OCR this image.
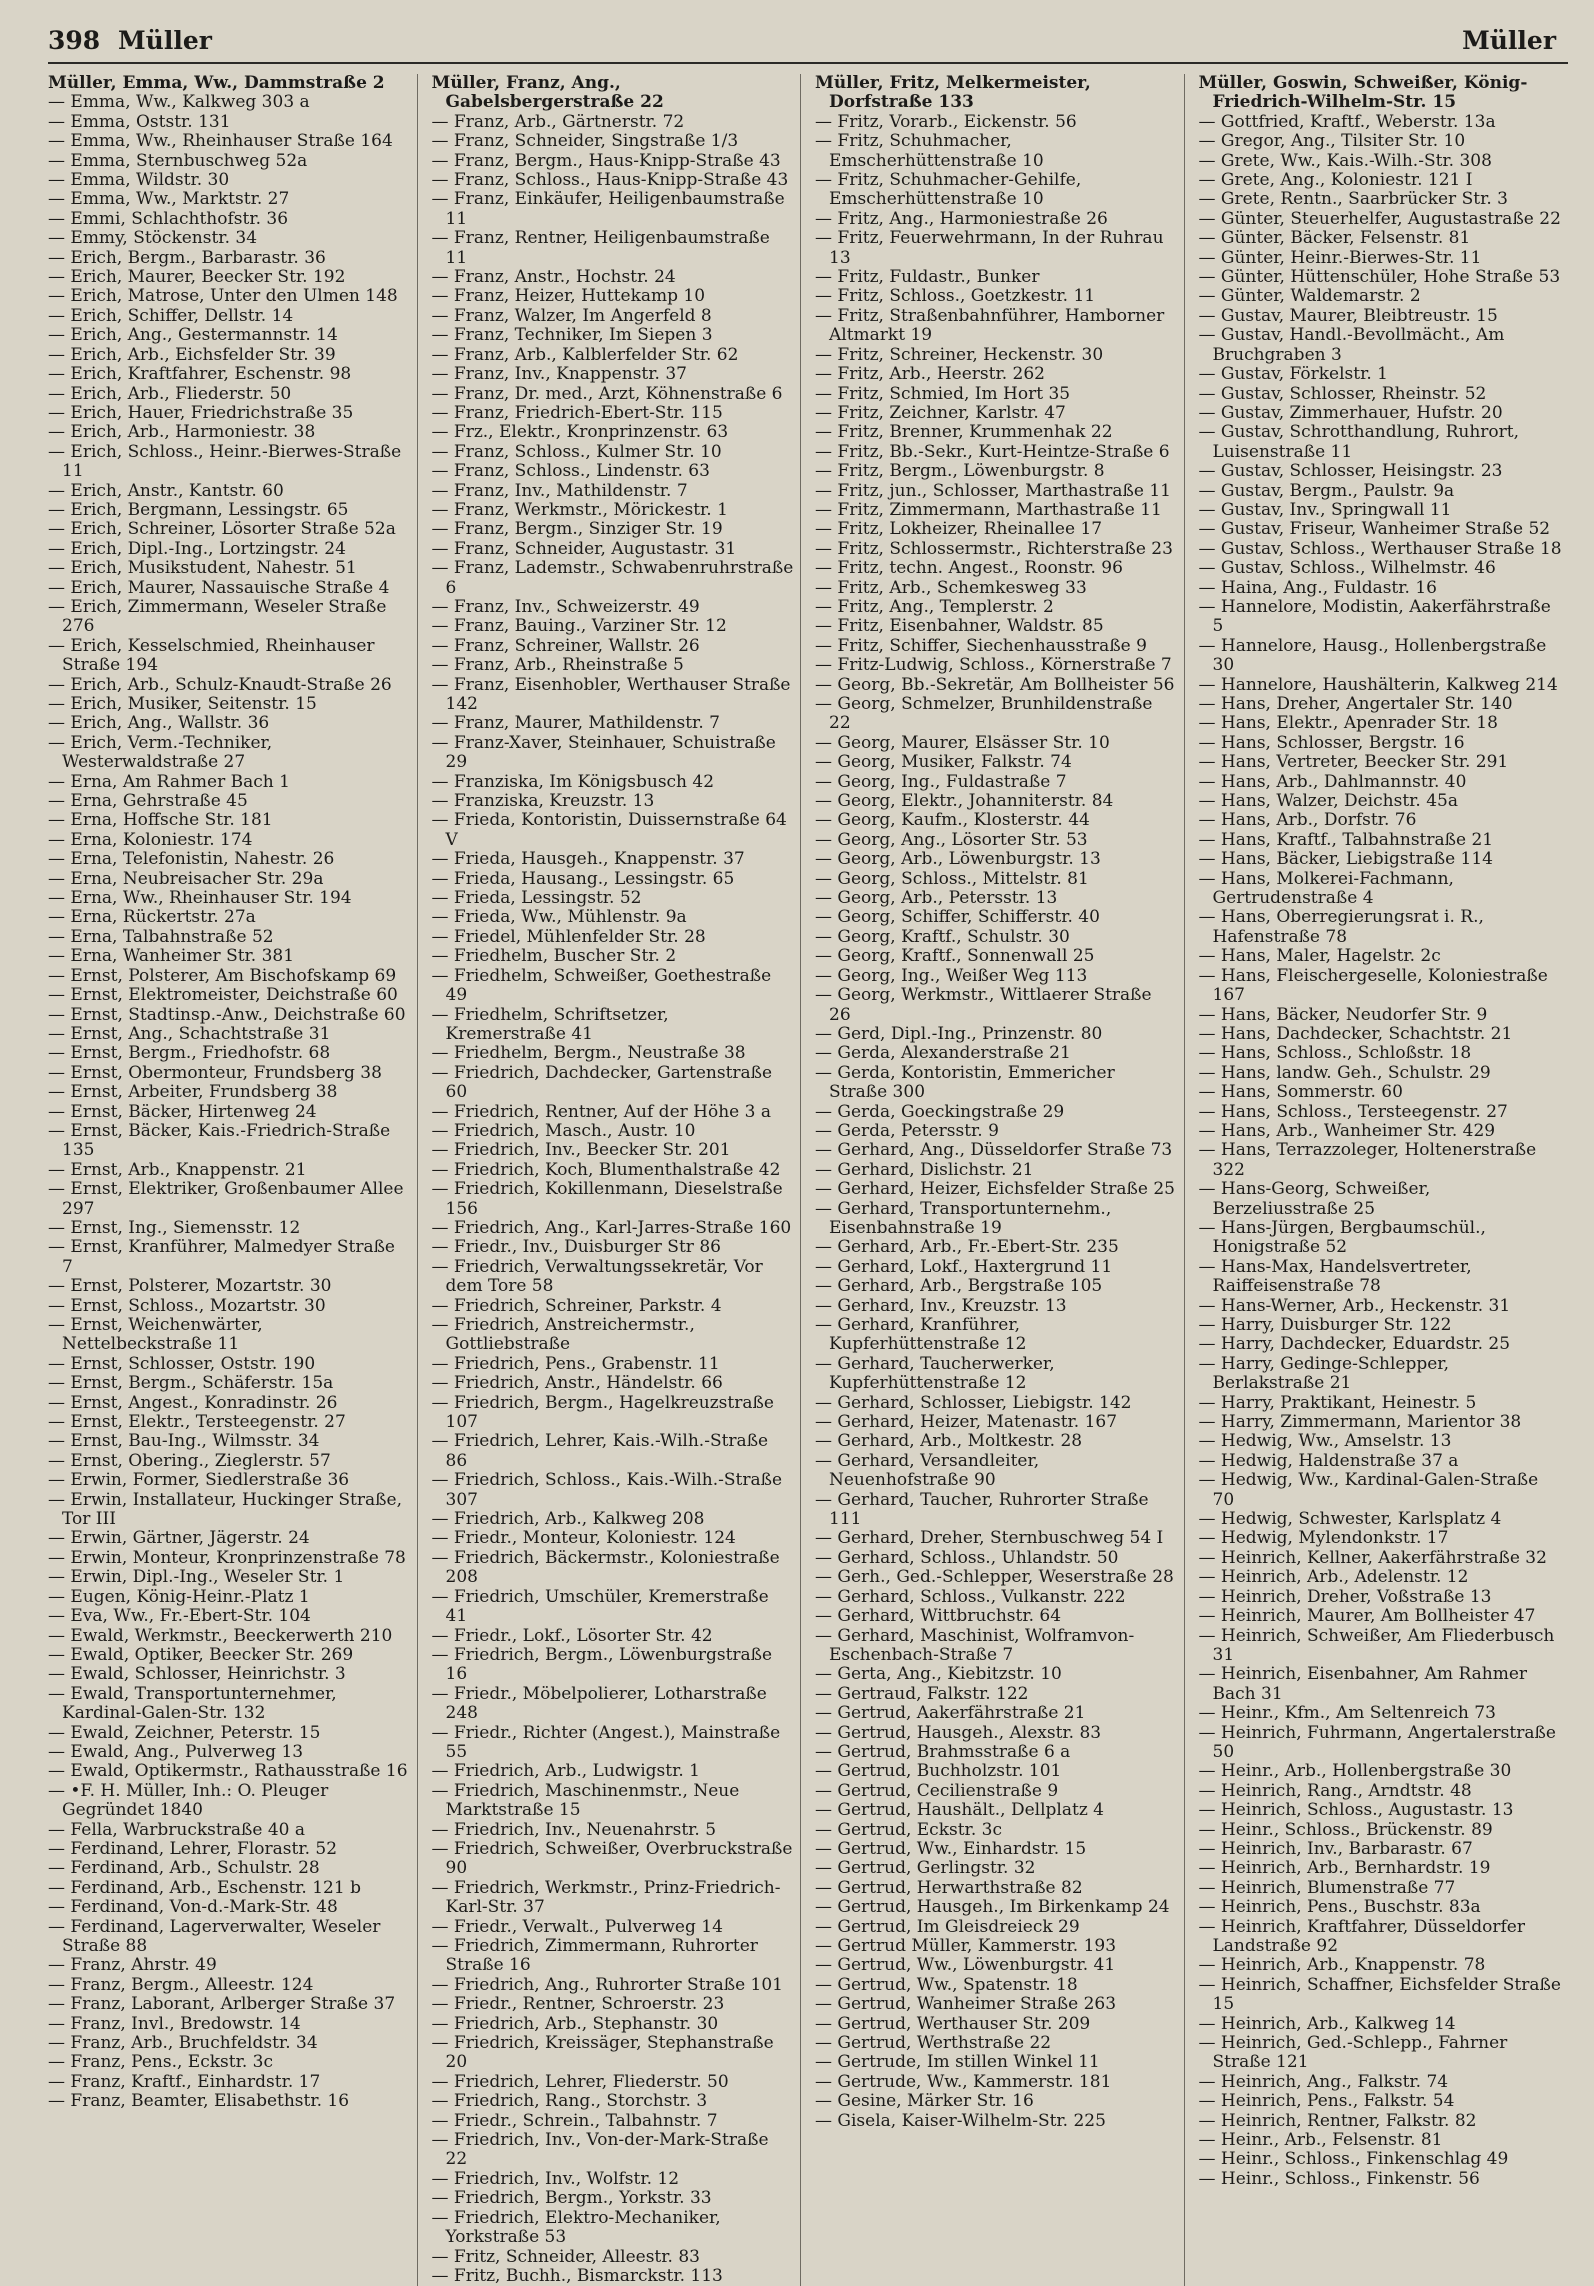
398 Müller	Müller
Müller, Emma, Ww., Dammstraße 2
— Emma, Ww., Kalkweg 303 a
— Emma, Oststr. 131
— Emma, Ww., Rheinhauser Straße 164
— Emma, Sternbuschweg 52a
— Emma, Wildstr. 30
— Emma, Ww., Marktstr. 27
— Emmi, Schlachthofstr. 36
— Emmy, Stöckenstr. 34
— Erich, Bergm., Barbarastr. 36
— Erich, Maurer, Beecker Str. 192
— Erich, Matrose, Unter den Ulmen 148
— Erich, Schiffer, Dellstr. 14
— Erich, Ang., Gestermannstr. 14
— Erich, Arb., Eichsfelder Str. 39
— Erich, Kraftfahrer, Eschenstr. 98
— Erich, Arb., Fliederstr. 50
— Erich, Hauer, Friedrichstraße 35
— Erich, Arb., Harmoniestr. 38
— Erich, Schloss., Heinr.-Bierwes-Straße 11
— Erich, Anstr., Kantstr. 60
— Erich, Bergmann, Lessingstr. 65
— Erich, Schreiner, Lösorter Straße 52a
— Erich, Dipl.-Ing., Lortzingstr. 24
— Erich, Musikstudent, Nahestr. 51
— Erich, Maurer, Nassauische Straße 4
— Erich, Zimmermann, Weseler Straße 276
— Erich, Kesselschmied, Rheinhauser Straße 194
— Erich, Arb., Schulz-Knaudt-Straße 26
— Erich, Musiker, Seitenstr. 15
— Erich, Ang., Wallstr. 36
— Erich, Verm.-Techniker, Westerwaldstraße 27
— Erna, Am Rahmer Bach 1
— Erna, Gehrstraße 45
— Erna, Hoffsche Str. 181
— Erna, Koloniestr. 174
— Erna, Telefonistin, Nahestr. 26
— Erna, Neubreisacher Str. 29a
— Erna, Ww., Rheinhauser Str. 194
— Erna, Rückertstr. 27a
— Erna, Talbahnstraße 52
— Erna, Wanheimer Str. 381
— Ernst, Polsterer, Am Bischofskamp 69
— Ernst, Elektromeister, Deichstraße 60
— Ernst, Stadtinsp.-Anw., Deichstraße 60
— Ernst, Ang., Schachtstraße 31
— Ernst, Bergm., Friedhofstr. 68
— Ernst, Obermonteur, Frundsberg 38
— Ernst, Arbeiter, Frundsberg 38
— Ernst, Bäcker, Hirtenweg 24
— Ernst, Bäcker, Kais.-Friedrich-Straße 135
— Ernst, Arb., Knappenstr. 21
— Ernst, Elektriker, Großenbaumer Allee 297
— Ernst, Ing., Siemensstr. 12
— Ernst, Kranführer, Malmedyer Straße 7
— Ernst, Polsterer, Mozartstr. 30
— Ernst, Schloss., Mozartstr. 30
— Ernst, Weichenwärter, Nettelbeckstraße 11
— Ernst, Schlosser, Oststr. 190
— Ernst, Bergm., Schäferstr. 15a
— Ernst, Angest., Konradinstr. 26
— Ernst, Elektr., Tersteegenstr. 27
— Ernst, Bau-Ing., Wilmsstr. 34
— Ernst, Obering., Zieglerstr. 57
— Erwin, Former, Siedlerstraße 36
— Erwin, Installateur, Huckinger Straße, Tor III
— Erwin, Gärtner, Jägerstr. 24
— Erwin, Monteur, Kronprinzenstraße 78
— Erwin, Dipl.-Ing., Weseler Str. 1
— Eugen, König-Heinr.-Platz 1
— Eva, Ww., Fr.-Ebert-Str. 104
— Ewald, Werkmstr., Beeckerwerth 210
— Ewald, Optiker, Beecker Str. 269
— Ewald, Schlosser, Heinrichstr. 3
— Ewald, Transportunternehmer, Kardinal-Galen-Str. 132
— Ewald, Zeichner, Peterstr. 15
— Ewald, Ang., Pulverweg 13
— Ewald, Optikermstr., Rathausstraße 16
— •F. H. Müller, Inh.: O. Pleuger Gegründet 1840
— Fella, Warbruckstraße 40 a
— Ferdinand, Lehrer, Florastr. 52
— Ferdinand, Arb., Schulstr. 28
— Ferdinand, Arb., Eschenstr. 121 b
— Ferdinand, Von-d.-Mark-Str. 48
— Ferdinand, Lagerverwalter, Weseler Straße 88
— Franz, Ahrstr. 49
— Franz, Bergm., Alleestr. 124
— Franz, Laborant, Arlberger Straße 37
— Franz, Invl., Bredowstr. 14
— Franz, Arb., Bruchfeldstr. 34
— Franz, Pens., Eckstr. 3c
— Franz, Kraftf., Einhardstr. 17
— Franz, Beamter, Elisabethstr. 16
Müller, Franz, Ang., Gabelsbergerstraße 22
— Franz, Arb., Gärtnerstr. 72
— Franz, Schneider, Singstraße 1/3
— Franz, Bergm., Haus-Knipp-Straße 43
— Franz, Schloss., Haus-Knipp-Straße 43
— Franz, Einkäufer, Heiligenbaumstraße 11
— Franz, Rentner, Heiligenbaumstraße 11
— Franz, Anstr., Hochstr. 24
— Franz, Heizer, Huttekamp 10
— Franz, Walzer, Im Angerfeld 8
— Franz, Techniker, Im Siepen 3
— Franz, Arb., Kalblerfelder Str. 62
— Franz, Inv., Knappenstr. 37
— Franz, Dr. med., Arzt, Köhnenstraße 6
— Franz, Friedrich-Ebert-Str. 115
— Frz., Elektr., Kronprinzenstr. 63
— Franz, Schloss., Kulmer Str. 10
— Franz, Schloss., Lindenstr. 63
— Franz, Inv., Mathildenstr. 7
— Franz, Werkmstr., Mörickestr. 1
— Franz, Bergm., Sinziger Str. 19
— Franz, Schneider, Augustastr. 31
— Franz, Lademstr., Schwabenruhrstraße 6
— Franz, Inv., Schweizerstr. 49
— Franz, Bauing., Varziner Str. 12
— Franz, Schreiner, Wallstr. 26
— Franz, Arb., Rheinstraße 5
— Franz, Eisenhobler, Werthauser Straße 142
— Franz, Maurer, Mathildenstr. 7
— Franz-Xaver, Steinhauer, Schuistraße 29
— Franziska, Im Königsbusch 42
— Franziska, Kreuzstr. 13
— Frieda, Kontoristin, Duissernstraße 64 V
— Frieda, Hausgeh., Knappenstr. 37
— Frieda, Hausang., Lessingstr. 65
— Frieda, Lessingstr. 52
— Frieda, Ww., Mühlenstr. 9a
— Friedel, Mühlenfelder Str. 28
— Friedhelm, Buscher Str. 2
— Friedhelm, Schweißer, Goethestraße 49
— Friedhelm, Schriftsetzer, Kremerstraße 41
— Friedhelm, Bergm., Neustraße 38
— Friedrich, Dachdecker, Gartenstraße 60
— Friedrich, Rentner, Auf der Höhe 3 a
— Friedrich, Masch., Austr. 10
— Friedrich, Inv., Beecker Str. 201
— Friedrich, Koch, Blumenthalstraße 42
— Friedrich, Kokillenmann, Dieselstraße 156
— Friedrich, Ang., Karl-Jarres-Straße 160
— Friedr., Inv., Duisburger Str 86
— Friedrich, Verwaltungssekretär, Vor dem Tore 58
— Friedrich, Schreiner, Parkstr. 4
— Friedrich, Anstreichermstr., Gottliebstraße
— Friedrich, Pens., Grabenstr. 11
— Friedrich, Anstr., Händelstr. 66
— Friedrich, Bergm., Hagelkreuzstraße 107
— Friedrich, Lehrer, Kais.-Wilh.-Straße 86
— Friedrich, Schloss., Kais.-Wilh.-Straße 307
— Friedrich, Arb., Kalkweg 208
— Friedr., Monteur, Koloniestr. 124
— Friedrich, Bäckermstr., Koloniestraße 208
— Friedrich, Umschüler, Kremerstraße 41
— Friedr., Lokf., Lösorter Str. 42
— Friedrich, Bergm., Löwenburgstraße 16
— Friedr., Möbelpolierer, Lotharstraße 248
— Friedr., Richter (Angest.), Mainstraße 55
— Friedrich, Arb., Ludwigstr. 1
— Friedrich, Maschinenmstr., Neue Marktstraße 15
— Friedrich, Inv., Neuenahrstr. 5
— Friedrich, Schweißer, Overbruckstraße 90
— Friedrich, Werkmstr., Prinz-Friedrich-Karl-Str. 37
— Friedr., Verwalt., Pulverweg 14
— Friedrich, Zimmermann, Ruhrorter Straße 16
— Friedrich, Ang., Ruhrorter Straße 101
— Friedr., Rentner, Schroerstr. 23
— Friedrich, Arb., Stephanstr. 30
— Friedrich, Kreissäger, Stephanstraße 20
— Friedrich, Lehrer, Fliederstr. 50
— Friedrich, Rang., Storchstr. 3
— Friedr., Schrein., Talbahnstr. 7
— Friedrich, Inv., Von-der-Mark-Straße 22
— Friedrich, Inv., Wolfstr. 12
— Friedrich, Bergm., Yorkstr. 33
— Friedrich, Elektro-Mechaniker, Yorkstraße 53
— Fritz, Schneider, Alleestr. 83
— Fritz, Buchh., Bismarckstr. 113
Müller, Fritz, Melkermeister, Dorfstraße 133
— Fritz, Vorarb., Eickenstr. 56
— Fritz, Schuhmacher, Emscherhüttenstraße 10
— Fritz, Schuhmacher-Gehilfe, Emscherhüttenstraße 10
— Fritz, Ang., Harmoniestraße 26
— Fritz, Feuerwehrmann, In der Ruhrau 13
— Fritz, Fuldastr., Bunker
— Fritz, Schloss., Goetzkestr. 11
— Fritz, Straßenbahnführer, Hamborner Altmarkt 19
— Fritz, Schreiner, Heckenstr. 30
— Fritz, Arb., Heerstr. 262
— Fritz, Schmied, Im Hort 35
— Fritz, Zeichner, Karlstr. 47
— Fritz, Brenner, Krummenhak 22
— Fritz, Bb.-Sekr., Kurt-Heintze-Straße 6
— Fritz, Bergm., Löwenburgstr. 8
— Fritz, jun., Schlosser, Marthastraße 11
— Fritz, Zimmermann, Marthastraße 11
— Fritz, Lokheizer, Rheinallee 17
— Fritz, Schlossermstr., Richterstraße 23
— Fritz, techn. Angest., Roonstr. 96
— Fritz, Arb., Schemkesweg 33
— Fritz, Ang., Templerstr. 2
— Fritz, Eisenbahner, Waldstr. 85
— Fritz, Schiffer, Siechenhausstraße 9
— Fritz-Ludwig, Schloss., Körnerstraße 7
— Georg, Bb.-Sekretär, Am Bollheister 56
— Georg, Schmelzer, Brunhildenstraße 22
— Georg, Maurer, Elsässer Str. 10
— Georg, Musiker, Falkstr. 74
— Georg, Ing., Fuldastraße 7
— Georg, Elektr., Johanniterstr. 84
— Georg, Kaufm., Klosterstr. 44
— Georg, Ang., Lösorter Str. 53
— Georg, Arb., Löwenburgstr. 13
— Georg, Schloss., Mittelstr. 81
— Georg, Arb., Petersstr. 13
— Georg, Schiffer, Schifferstr. 40
— Georg, Kraftf., Schulstr. 30
— Georg, Kraftf., Sonnenwall 25
— Georg, Ing., Weißer Weg 113
— Georg, Werkmstr., Wittlaerer Straße 26
— Gerd, Dipl.-Ing., Prinzenstr. 80
— Gerda, Alexanderstraße 21
— Gerda, Kontoristin, Emmericher Straße 300
— Gerda, Goeckingstraße 29
— Gerda, Petersstr. 9
— Gerhard, Ang., Düsseldorfer Straße 73
— Gerhard, Dislichstr. 21
— Gerhard, Heizer, Eichsfelder Straße 25
— Gerhard, Transportunternehm., Eisenbahnstraße 19
— Gerhard, Arb., Fr.-Ebert-Str. 235
— Gerhard, Lokf., Haxtergrund 11
— Gerhard, Arb., Bergstraße 105
— Gerhard, Inv., Kreuzstr. 13
— Gerhard, Kranführer, Kupferhüttenstraße 12
— Gerhard, Taucherwerker, Kupferhüttenstraße 12
— Gerhard, Schlosser, Liebigstr. 142
— Gerhard, Heizer, Matenastr. 167
— Gerhard, Arb., Moltkestr. 28
— Gerhard, Versandleiter, Neuenhofstraße 90
— Gerhard, Taucher, Ruhrorter Straße 111
— Gerhard, Dreher, Sternbuschweg 54 I
— Gerhard, Schloss., Uhlandstr. 50
— Gerh., Ged.-Schlepper, Weserstraße 28
— Gerhard, Schloss., Vulkanstr. 222
— Gerhard, Wittbruchstr. 64
— Gerhard, Maschinist, Wolframvon-Eschenbach-Straße 7
— Gerta, Ang., Kiebitzstr. 10
— Gertraud, Falkstr. 122
— Gertrud, Aakerfährstraße 21
— Gertrud, Hausgeh., Alexstr. 83
— Gertrud, Brahmsstraße 6 a
— Gertrud, Buchholzstr. 101
— Gertrud, Cecilienstraße 9
— Gertrud, Haushält., Dellplatz 4
— Gertrud, Eckstr. 3c
— Gertrud, Ww., Einhardstr. 15
— Gertrud, Gerlingstr. 32
— Gertrud, Herwarthstraße 82
— Gertrud, Hausgeh., Im Birkenkamp 24
— Gertrud, Im Gleisdreieck 29
— Gertrud Müller, Kammerstr. 193
— Gertrud, Ww., Löwenburgstr. 41
— Gertrud, Ww., Spatenstr. 18
— Gertrud, Wanheimer Straße 263
— Gertrud, Werthauser Str. 209
— Gertrud, Werthstraße 22
— Gertrude, Im stillen Winkel 11
— Gertrude, Ww., Kammerstr. 181
— Gesine, Märker Str. 16
— Gisela, Kaiser-Wilhelm-Str. 225
Müller, Goswin, Schweißer, König-Friedrich-Wilhelm-Str. 15
— Gottfried, Kraftf., Weberstr. 13a
— Gregor, Ang., Tilsiter Str. 10
— Grete, Ww., Kais.-Wilh.-Str. 308
— Grete, Ang., Koloniestr. 121 I
— Grete, Rentn., Saarbrücker Str. 3
— Günter, Steuerhelfer, Augustastraße 22
— Günter, Bäcker, Felsenstr. 81
— Günter, Heinr.-Bierwes-Str. 11
— Günter, Hüttenschüler, Hohe Straße 53
— Günter, Waldemarstr. 2
— Gustav, Maurer, Bleibtreustr. 15
— Gustav, Handl.-Bevollmächt., Am Bruchgraben 3
— Gustav, Förkelstr. 1
— Gustav, Schlosser, Rheinstr. 52
— Gustav, Zimmerhauer, Hufstr. 20
— Gustav, Schrotthandlung, Ruhrort, Luisenstraße 11
— Gustav, Schlosser, Heisingstr. 23
— Gustav, Bergm., Paulstr. 9a
— Gustav, Inv., Springwall 11
— Gustav, Friseur, Wanheimer Straße 52
— Gustav, Schloss., Werthauser Straße 18
— Gustav, Schloss., Wilhelmstr. 46
— Haina, Ang., Fuldastr. 16
— Hannelore, Modistin, Aakerfährstraße 5
— Hannelore, Hausg., Hollenbergstraße 30
— Hannelore, Haushälterin, Kalkweg 214
— Hans, Dreher, Angertaler Str. 140
— Hans, Elektr., Apenrader Str. 18
— Hans, Schlosser, Bergstr. 16
— Hans, Vertreter, Beecker Str. 291
— Hans, Arb., Dahlmannstr. 40
— Hans, Walzer, Deichstr. 45a
— Hans, Arb., Dorfstr. 76
— Hans, Kraftf., Talbahnstraße 21
— Hans, Bäcker, Liebigstraße 114
— Hans, Molkerei-Fachmann, Gertrudenstraße 4
— Hans, Oberregierungsrat i. R., Hafenstraße 78
— Hans, Maler, Hagelstr. 2c
— Hans, Fleischergeselle, Koloniestraße 167
— Hans, Bäcker, Neudorfer Str. 9
— Hans, Dachdecker, Schachtstr. 21
— Hans, Schloss., Schloßstr. 18
— Hans, landw. Geh., Schulstr. 29
— Hans, Sommerstr. 60
— Hans, Schloss., Tersteegenstr. 27
— Hans, Arb., Wanheimer Str. 429
— Hans, Terrazzoleger, Holtenerstraße 322
— Hans-Georg, Schweißer, Berzeliusstraße 25
— Hans-Jürgen, Bergbaumschül., Honigstraße 52
— Hans-Max, Handelsvertreter, Raiffeisenstraße 78
— Hans-Werner, Arb., Heckenstr. 31
— Harry, Duisburger Str. 122
— Harry, Dachdecker, Eduardstr. 25
— Harry, Gedinge-Schlepper, Berlakstraße 21
— Harry, Praktikant, Heinestr. 5
— Harry, Zimmermann, Marientor 38
— Hedwig, Ww., Amselstr. 13
— Hedwig, Haldenstraße 37 a
— Hedwig, Ww., Kardinal-Galen-Straße 70
— Hedwig, Schwester, Karlsplatz 4
— Hedwig, Mylendonkstr. 17
— Heinrich, Kellner, Aakerfährstraße 32
— Heinrich, Arb., Adelenstr. 12
— Heinrich, Dreher, Voßstraße 13
— Heinrich, Maurer, Am Bollheister 47
— Heinrich, Schweißer, Am Fliederbusch 31
— Heinrich, Eisenbahner, Am Rahmer Bach 31
— Heinr., Kfm., Am Seltenreich 73
— Heinrich, Fuhrmann, Angertalerstraße 50
— Heinr., Arb., Hollenbergstraße 30
— Heinrich, Rang., Arndtstr. 48
— Heinrich, Schloss., Augustastr. 13
— Heinr., Schloss., Brückenstr. 89
— Heinrich, Inv., Barbarastr. 67
— Heinrich, Arb., Bernhardstr. 19
— Heinrich, Blumenstraße 77
— Heinrich, Pens., Buschstr. 83a
— Heinrich, Kraftfahrer, Düsseldorfer Landstraße 92
— Heinrich, Arb., Knappenstr. 78
— Heinrich, Schaffner, Eichsfelder Straße 15
— Heinrich, Arb., Kalkweg 14
— Heinrich, Ged.-Schlepp., Fahrner Straße 121
— Heinrich, Ang., Falkstr. 74
— Heinrich, Pens., Falkstr. 54
— Heinrich, Rentner, Falkstr. 82
— Heinr., Arb., Felsenstr. 81
— Heinr., Schloss., Finkenschlag 49
— Heinr., Schloss., Finkenstr. 56
